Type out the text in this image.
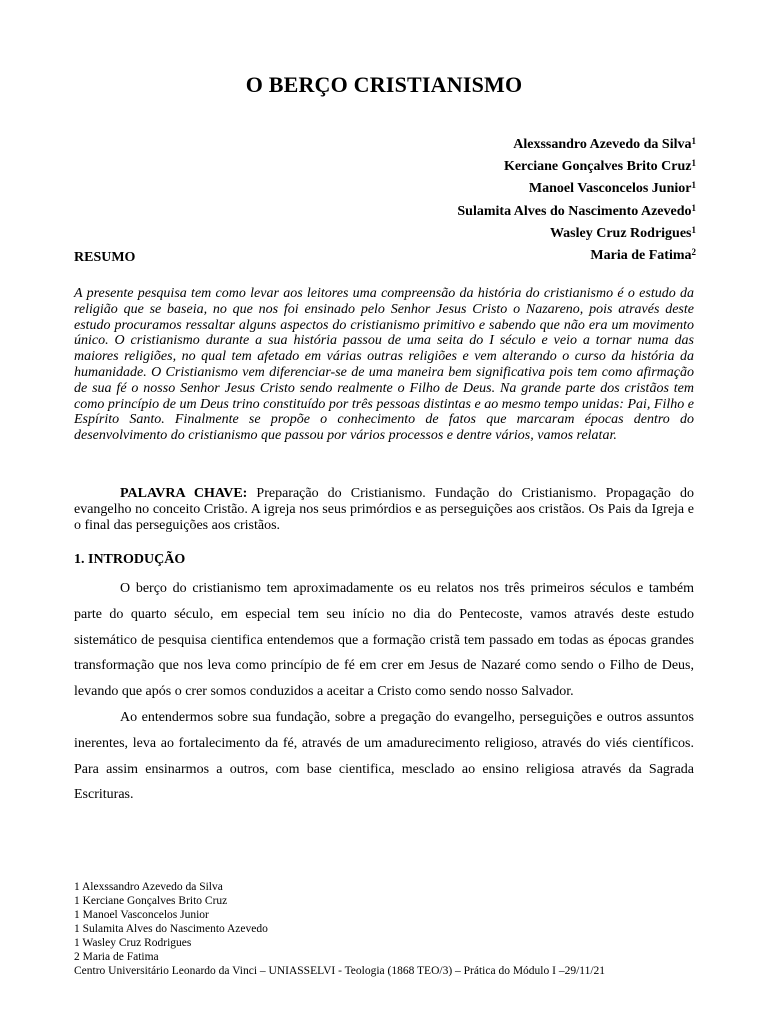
O BERÇO CRISTIANISMO
Alexssandro Azevedo da Silva$^1$
Kerciane Gonçalves Brito Cruz$^1$
Manoel Vasconcelos Junior$^1$
Sulamita Alves do Nascimento Azevedo$^1$
Wasley Cruz Rodrigues$^1$
Maria de Fatima$^2$
RESUMO
A presente pesquisa tem como levar aos leitores uma compreensão da história do cristianismo é o estudo da religião que se baseia, no que nos foi ensinado pelo Senhor Jesus Cristo o Nazareno, pois através deste estudo procuramos ressaltar alguns aspectos do cristianismo primitivo e sabendo que não era um movimento único. O cristianismo durante a sua história passou de uma seita do I século e veio a tornar numa das maiores religiões, no qual tem afetado em várias outras religiões e vem alterando o curso da história da humanidade. O Cristianismo vem diferenciar-se de uma maneira bem significativa pois tem como afirmação de sua fé o nosso Senhor Jesus Cristo sendo realmente o Filho de Deus. Na grande parte dos cristãos tem como princípio de um Deus trino constituído por três pessoas distintas e ao mesmo tempo unidas: Pai, Filho e Espírito Santo. Finalmente se propõe o conhecimento de fatos que marcaram épocas dentro do desenvolvimento do cristianismo que passou por vários processos e dentre vários, vamos relatar.
PALAVRA CHAVE: Preparação do Cristianismo. Fundação do Cristianismo. Propagação do evangelho no conceito Cristão. A igreja nos seus primórdios e as perseguições aos cristãos. Os Pais da Igreja e o final das perseguições aos cristãos.
1. INTRODUÇÃO

O berço do cristianismo tem aproximadamente os eu relatos nos três primeiros séculos e também parte do quarto século, em especial tem seu início no dia do Pentecoste, vamos através deste estudo sistemático de pesquisa cientifica entendemos que a formação cristã tem passado em todas as épocas grandes transformação que nos leva como princípio de fé em crer em Jesus de Nazaré como sendo o Filho de Deus, levando que após o crer somos conduzidos a aceitar a Cristo como sendo nosso Salvador.

Ao entendermos sobre sua fundação, sobre a pregação do evangelho, perseguições e outros assuntos inerentes, leva ao fortalecimento da fé, através de um amadurecimento religioso, através do viés científicos. Para assim ensinarmos a outros, com base cientifica, mesclado ao ensino religiosa através da Sagrada Escrituras.

1 Alexssandro Azevedo da Silva
1 Kerciane Gonçalves Brito Cruz
1 Manoel Vasconcelos Junior
1 Sulamita Alves do Nascimento Azevedo
1 Wasley Cruz Rodrigues
2 Maria de Fatima
Centro Universitário Leonardo da Vinci – UNIASSELVI - Teologia (1868 TEO/3) – Prática do Módulo I –29/11/21
